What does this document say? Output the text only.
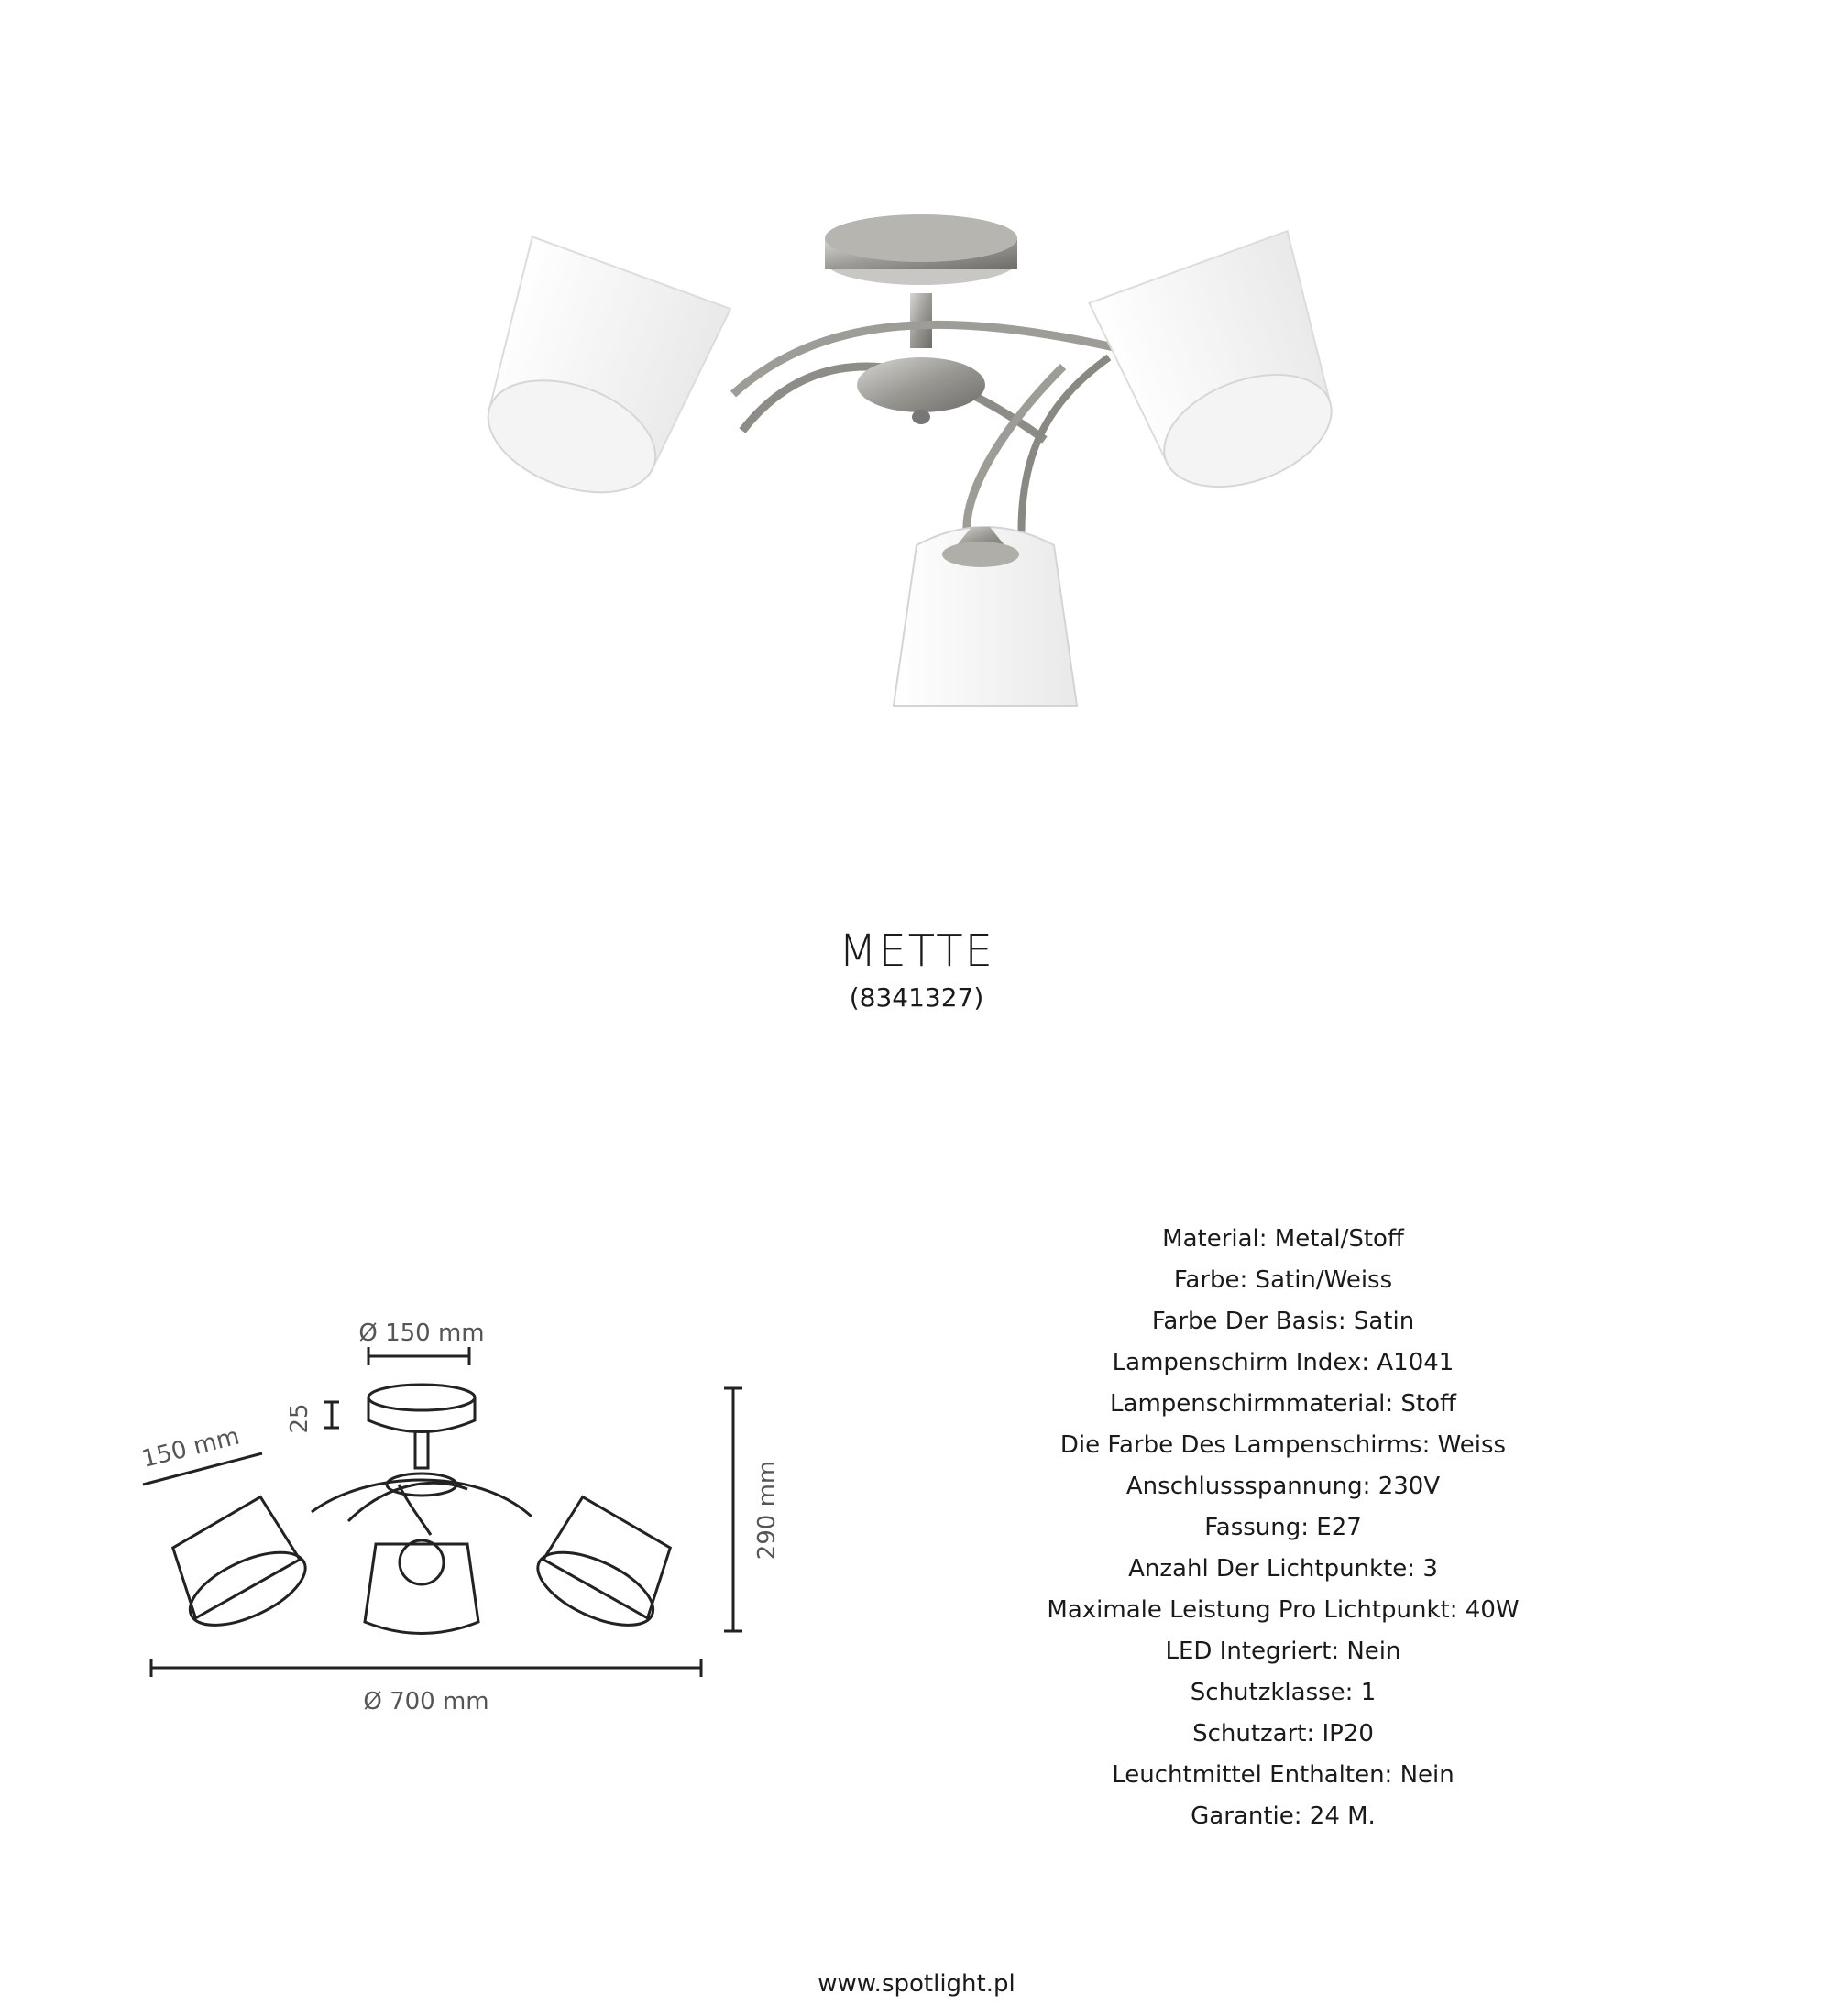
METTE
(8341327)
Ø 150 mm
25
150 mm
290 mm
Ø 700 mm
Material: Metal/Stoff
Farbe: Satin/Weiss
Farbe Der Basis: Satin
Lampenschirm Index: A1041
Lampenschirmmaterial: Stoff
Die Farbe Des Lampenschirms: Weiss
Anschlussspannung: 230V
Fassung: E27
Anzahl Der Lichtpunkte: 3
Maximale Leistung Pro Lichtpunkt: 40W
LED Integriert: Nein
Schutzklasse: 1
Schutzart: IP20
Leuchtmittel Enthalten: Nein
Garantie: 24 M.
www.spotlight.pl
